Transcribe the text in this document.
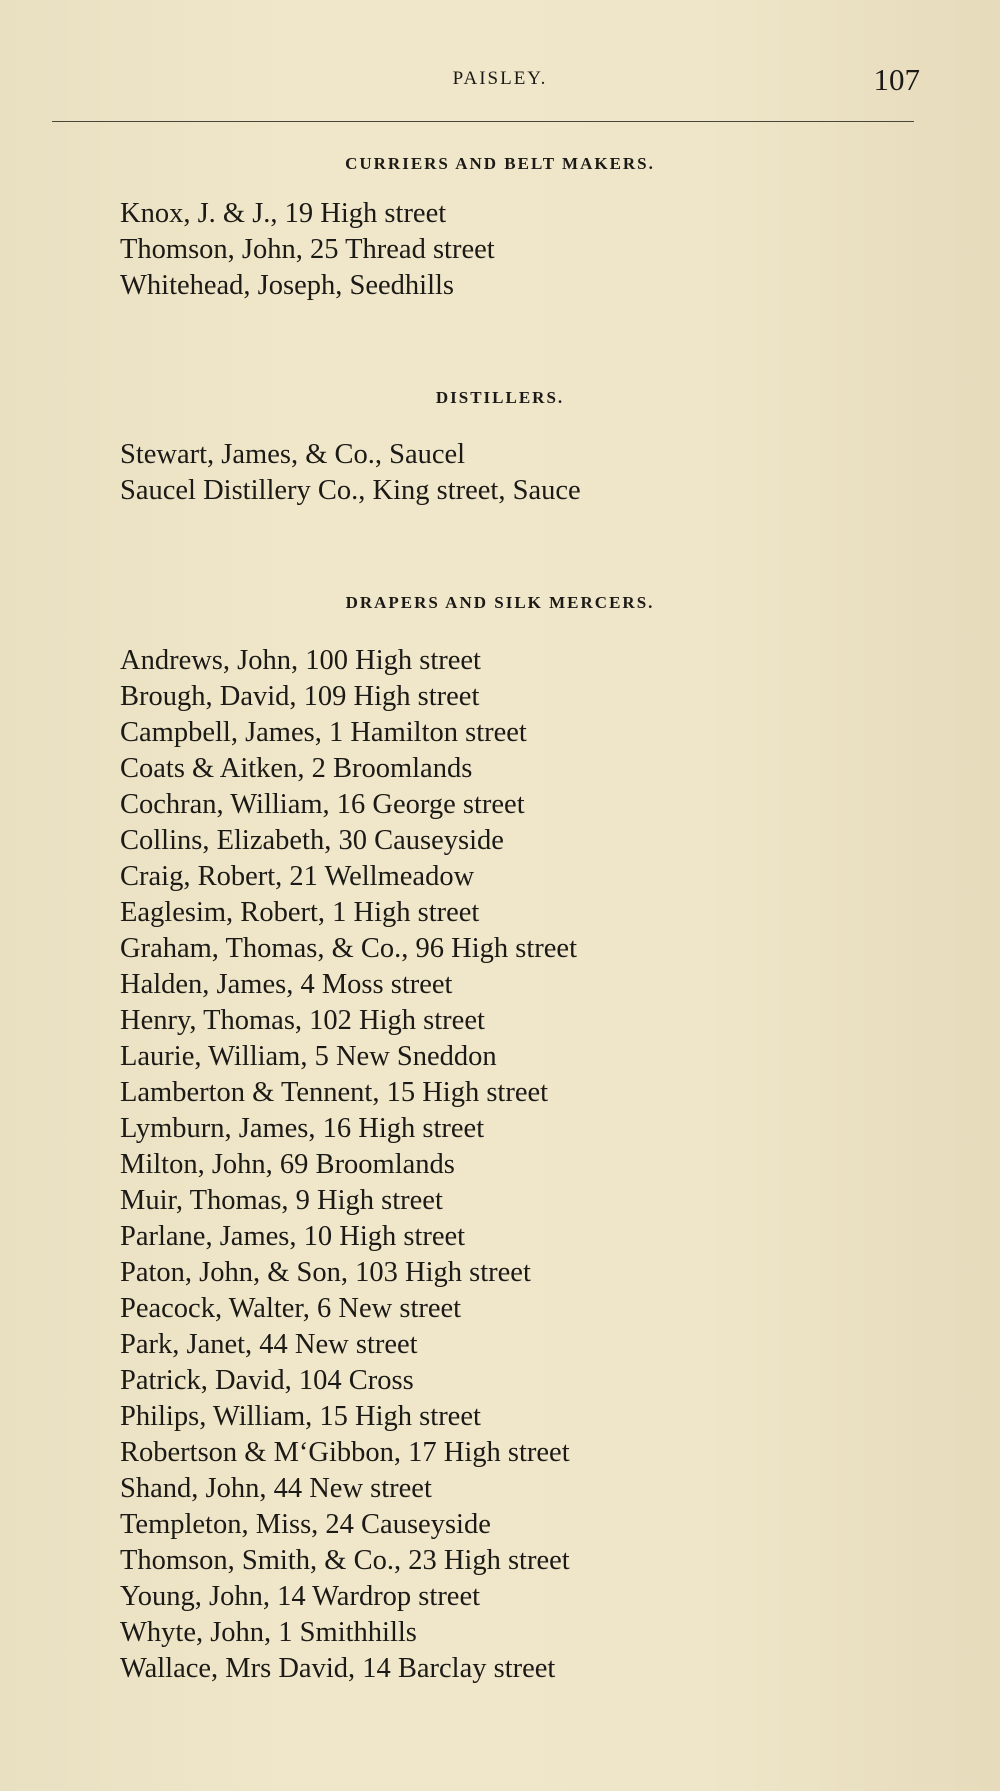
PAISLEY.	107
CURRIERS AND BELT MAKERS.
Knox, J. & J., 19 High street
Thomson, John, 25 Thread street
Whitehead, Joseph, Seedhills
DISTILLERS.
Stewart, James, & Co., Saucel
Saucel Distillery Co., King street, Sauce
DRAPERS AND SILK MERCERS.
Andrews, John, 100 High street
Brough, David, 109 High street
Campbell, James, 1 Hamilton street
Coats & Aitken, 2 Broomlands
Cochran, William, 16 George street
Collins, Elizabeth, 30 Causeyside
Craig, Robert, 21 Wellmeadow
Eaglesim, Robert, 1 High street
Graham, Thomas, & Co., 96 High street
Halden, James, 4 Moss street
Henry, Thomas, 102 High street
Laurie, William, 5 New Sneddon
Lamberton & Tennent, 15 High street
Lymburn, James, 16 High street
Milton, John, 69 Broomlands
Muir, Thomas, 9 High street
Parlane, James, 10 High street
Paton, John, & Son, 103 High street
Peacock, Walter, 6 New street
Park, Janet, 44 New street
Patrick, David, 104 Cross
Philips, William, 15 High street
Robertson & M‘Gibbon, 17 High street
Shand, John, 44 New street
Templeton, Miss, 24 Causeyside
Thomson, Smith, & Co., 23 High street
Young, John, 14 Wardrop street
Whyte, John, 1 Smithhills
Wallace, Mrs David, 14 Barclay street
